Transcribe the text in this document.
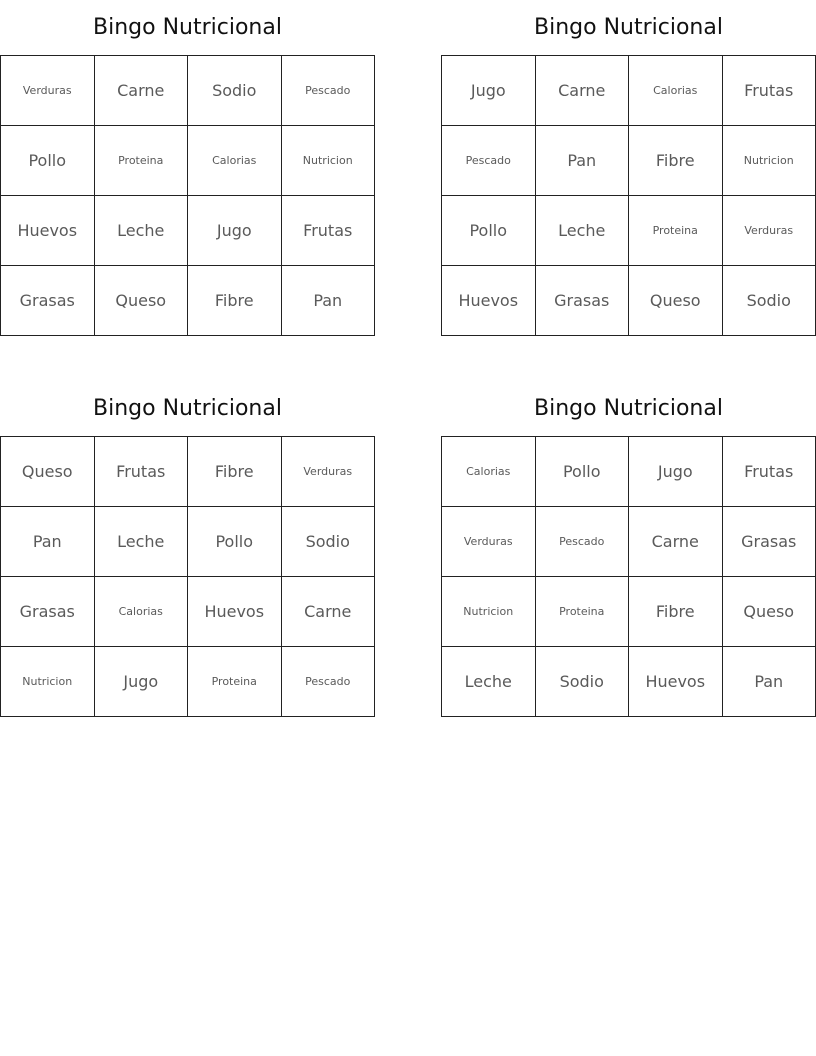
Bingo Nutricional
Verduras	Carne	Sodio	Pescado
Pollo	Proteina	Calorias	Nutricion
Huevos	Leche	Jugo	Frutas
Grasas	Queso	Fibre	Pan
Bingo Nutricional
Jugo	Carne	Calorias	Frutas
Pescado	Pan	Fibre	Nutricion
Pollo	Leche	Proteina	Verduras
Huevos	Grasas	Queso	Sodio
Bingo Nutricional
Queso	Frutas	Fibre	Verduras
Pan	Leche	Pollo	Sodio
Grasas	Calorias	Huevos	Carne
Nutricion	Jugo	Proteina	Pescado
Bingo Nutricional
Calorias	Pollo	Jugo	Frutas
Verduras	Pescado	Carne	Grasas
Nutricion	Proteina	Fibre	Queso
Leche	Sodio	Huevos	Pan
